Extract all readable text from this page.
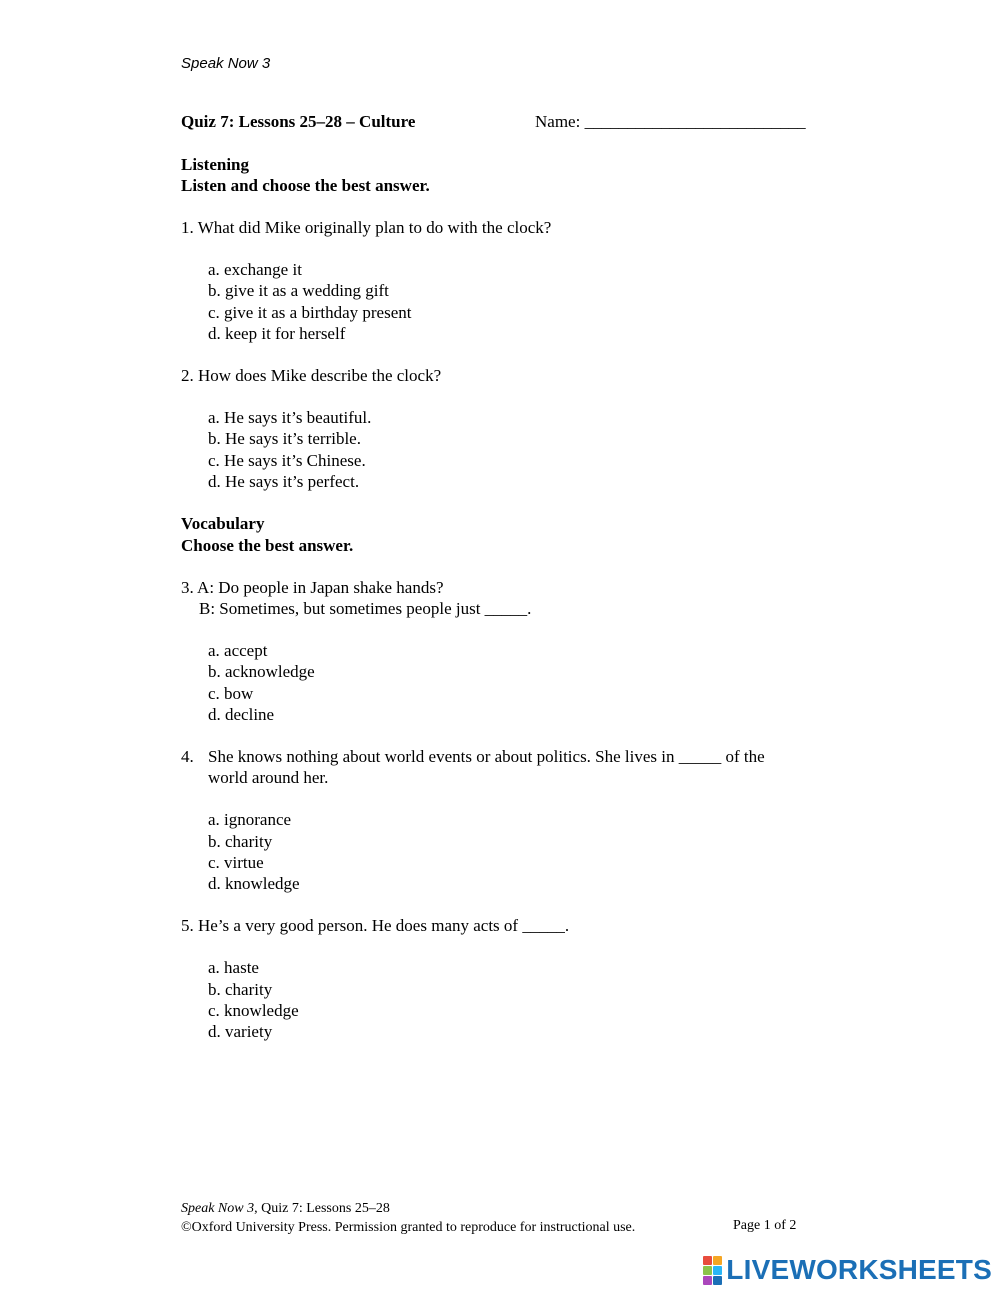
Speak Now 3
Quiz 7: Lessons 25–28 – Culture	Name: __________________________
Listening
Listen and choose the best answer.
1. What did Mike originally plan to do with the clock?
a. exchange it
b. give it as a wedding gift
c. give it as a birthday present
d. keep it for herself
2. How does Mike describe the clock?
a. He says it’s beautiful.
b. He says it’s terrible.
c. He says it’s Chinese.
d. He says it’s perfect.
Vocabulary
Choose the best answer.
3. A: Do people in Japan shake hands?
B: Sometimes, but sometimes people just _____.
a. accept
b. acknowledge
c. bow
d. decline
4. She knows nothing about world events or about politics. She lives in _____ of the
world around her.
a. ignorance
b. charity
c. virtue
d. knowledge
5. He’s a very good person. He does many acts of _____.
a. haste
b. charity
c. knowledge
d. variety
Speak Now 3, Quiz 7: Lessons 25–28
©Oxford University Press. Permission granted to reproduce for instructional use.	Page 1 of 2
LIVEWORKSHEETS
